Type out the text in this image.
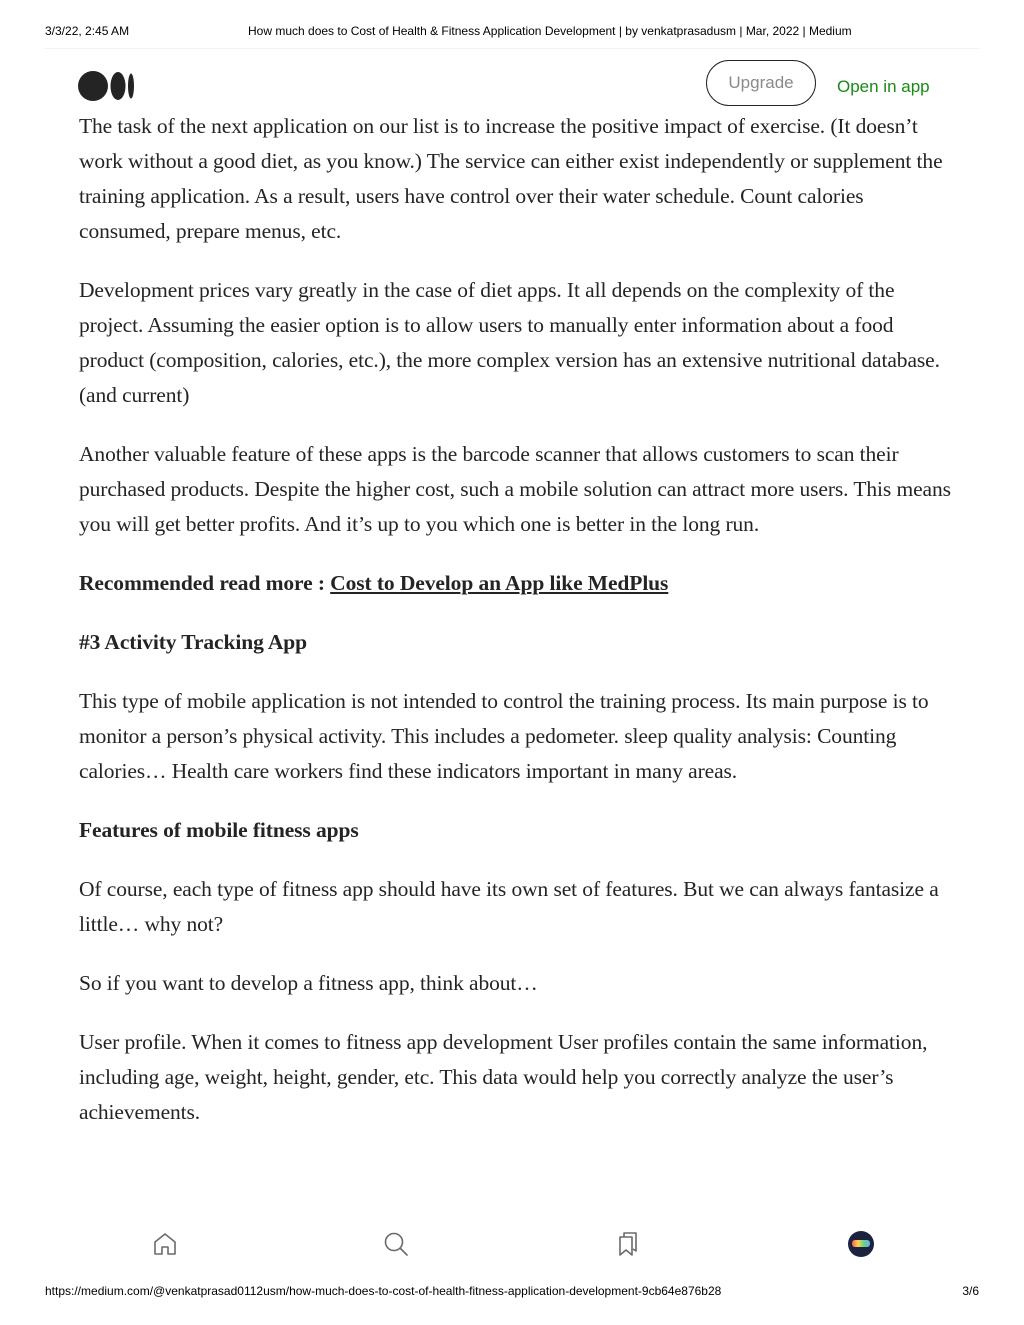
3/3/22, 2:45 AM	How much does to Cost of Health & Fitness Application Development | by venkatprasadusm | Mar, 2022 | Medium
Upgrade	Open in app

The task of the next application on our list is to increase the positive impact of exercise. (It doesn’t work without a good diet, as you know.) The service can either exist independently or supplement the training application. As a result, users have control over their water schedule. Count calories consumed, prepare menus, etc.

Development prices vary greatly in the case of diet apps. It all depends on the complexity of the project. Assuming the easier option is to allow users to manually enter information about a food product (composition, calories, etc.), the more complex version has an extensive nutritional database. (and current)

Another valuable feature of these apps is the barcode scanner that allows customers to scan their purchased products. Despite the higher cost, such a mobile solution can attract more users. This means you will get better profits. And it’s up to you which one is better in the long run.

Recommended read more : Cost to Develop an App like MedPlus

#3 Activity Tracking App

This type of mobile application is not intended to control the training process. Its main purpose is to monitor a person’s physical activity. This includes a pedometer. sleep quality analysis: Counting calories… Health care workers find these indicators important in many areas.

Features of mobile fitness apps

Of course, each type of fitness app should have its own set of features. But we can always fantasize a little… why not?

So if you want to develop a fitness app, think about…

User profile. When it comes to fitness app development User profiles contain the same information, including age, weight, height, gender, etc. This data would help you correctly analyze the user’s achievements.

https://medium.com/@venkatprasad0112usm/how-much-does-to-cost-of-health-fitness-application-development-9cb64e876b28	3/6
